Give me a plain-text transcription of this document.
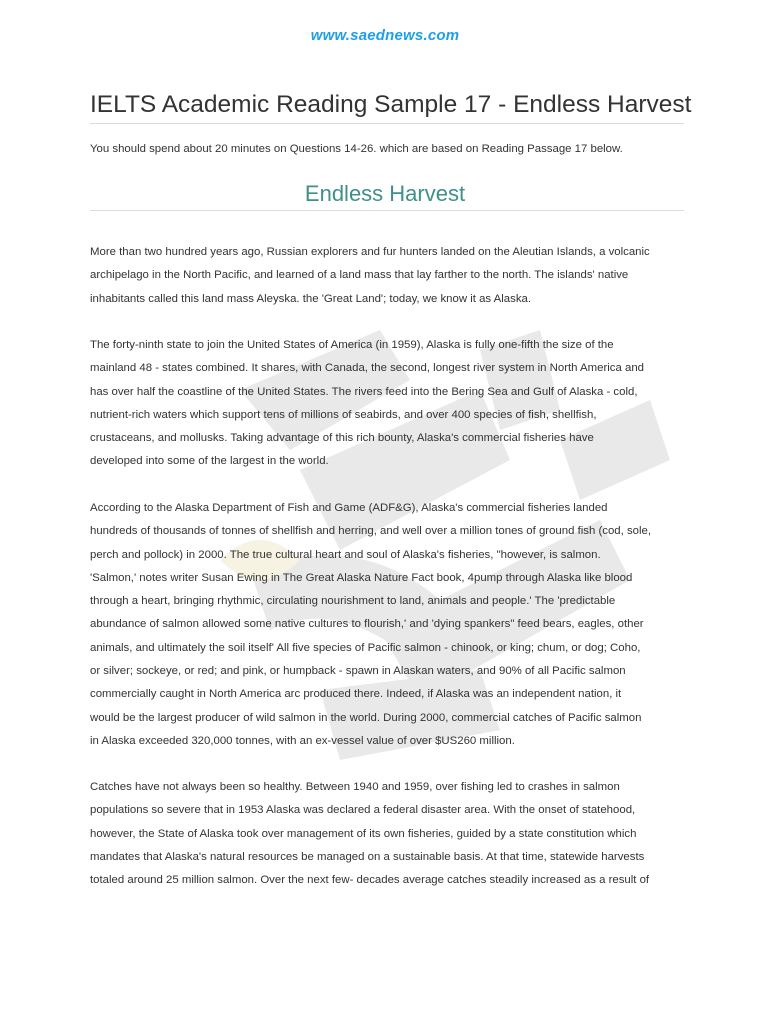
www.saednews.com
IELTS Academic Reading Sample 17 - Endless Harvest

You should spend about 20 minutes on Questions 14-26. which are based on Reading Passage 17 below.

Endless Harvest
More than two hundred years ago, Russian explorers and fur hunters landed on the Aleutian Islands, a volcanic
archipelago in the North Pacific, and learned of a land mass that lay farther to the north. The islands' native
inhabitants called this land mass Aleyska. the 'Great Land'; today, we know it as Alaska.
The forty-ninth state to join the United States of America (in 1959), Alaska is fully one-fifth the size of the
mainland 48 - states combined. It shares, with Canada, the second, longest river system in North America and
has over half the coastline of the United States. The rivers feed into the Bering Sea and Gulf of Alaska - cold,
nutrient-rich waters which support tens of millions of seabirds, and over 400 species of fish, shellfish,
crustaceans, and mollusks. Taking advantage of this rich bounty, Alaska's commercial fisheries have
developed into some of the largest in the world.
According to the Alaska Department of Fish and Game (ADF&G), Alaska's commercial fisheries landed
hundreds of thousands of tonnes of shellfish and herring, and well over a million tones of ground fish (cod, sole,
perch and pollock) in 2000. The true cultural heart and soul of Alaska's fisheries, "however, is salmon.
'Salmon,' notes writer Susan Ewing in The Great Alaska Nature Fact book, 4pump through Alaska like blood
through a heart, bringing rhythmic, circulating nourishment to land, animals and people.' The 'predictable
abundance of salmon allowed some native cultures to flourish,' and 'dying spankers" feed bears, eagles, other
animals, and ultimately the soil itself' All five species of Pacific salmon - chinook, or king; chum, or dog; Coho,
or silver; sockeye, or red; and pink, or humpback - spawn in Alaskan waters, and 90% of all Pacific salmon
commercially caught in North America arc produced there. Indeed, if Alaska was an independent nation, it
would be the largest producer of wild salmon in the world. During 2000, commercial catches of Pacific salmon
in Alaska exceeded 320,000 tonnes, with an ex-vessel value of over $US260 million.
Catches have not always been so healthy. Between 1940 and 1959, over fishing led to crashes in salmon
populations so severe that in 1953 Alaska was declared a federal disaster area. With the onset of statehood,
however, the State of Alaska took over management of its own fisheries, guided by a state constitution which
mandates that Alaska's natural resources be managed on a sustainable basis. At that time, statewide harvests
totaled around 25 million salmon. Over the next few- decades average catches steadily increased as a result of
